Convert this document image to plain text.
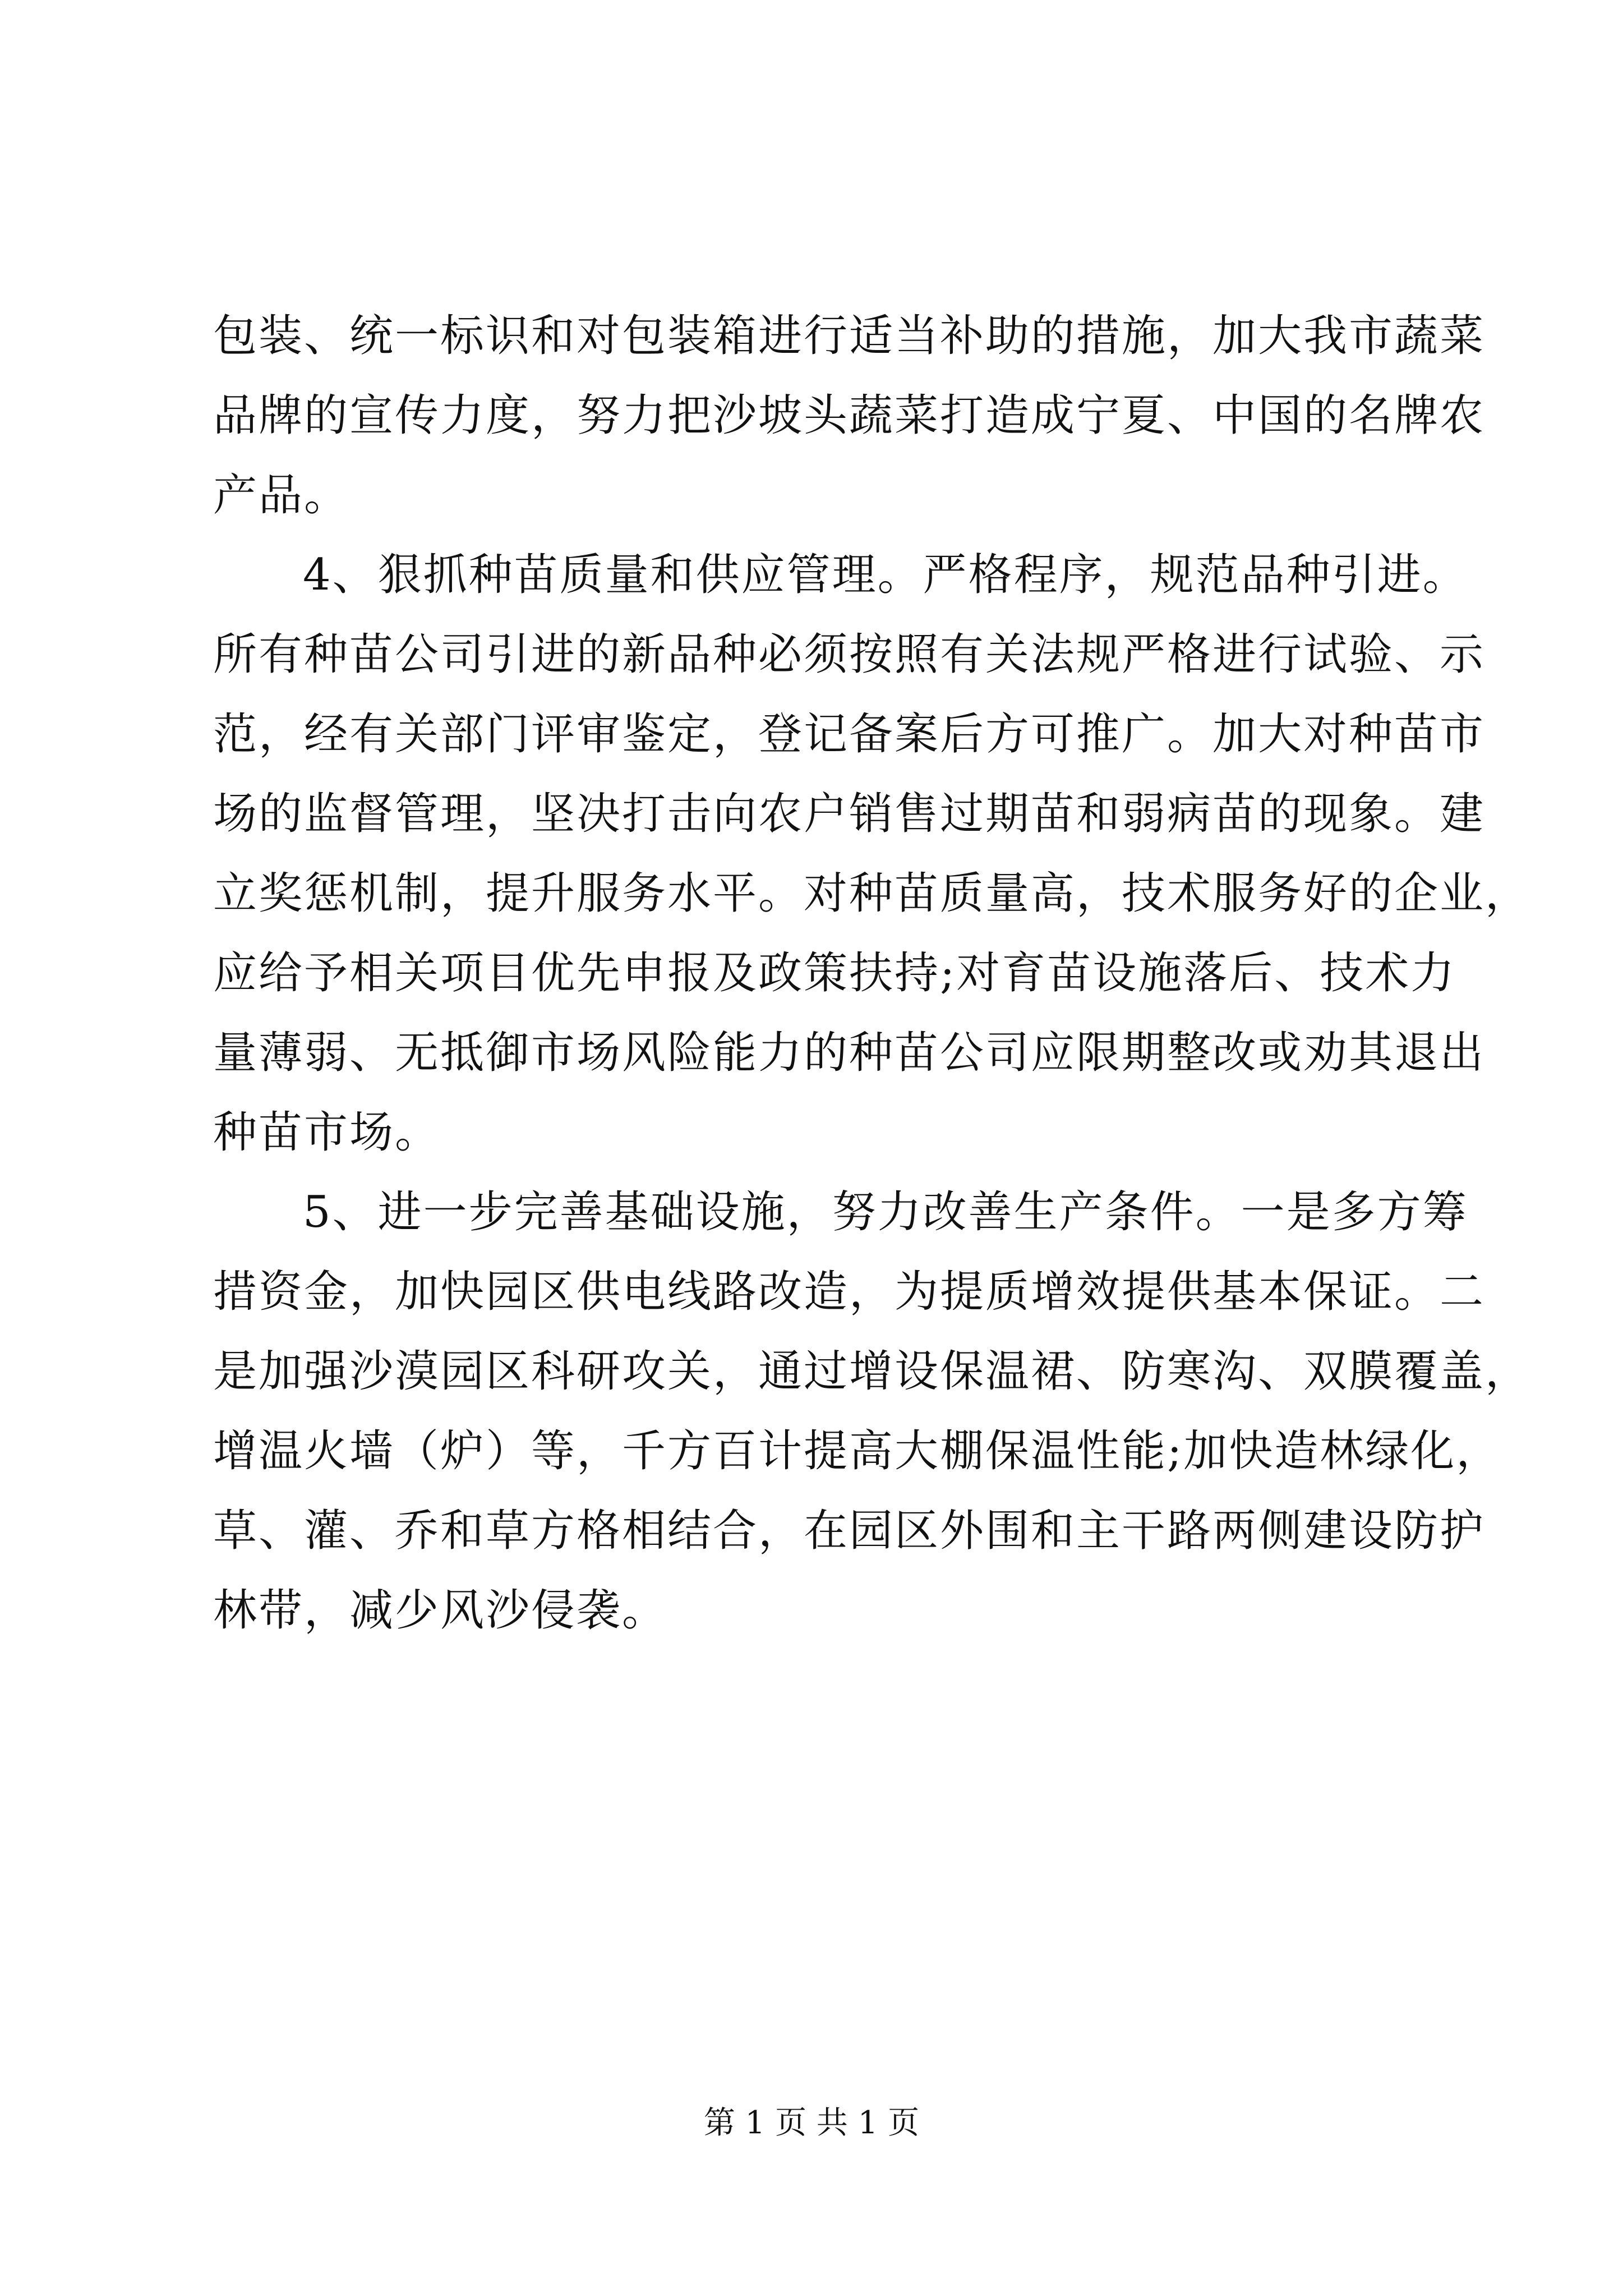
包装、统一标识和对包装箱进行适当补助的措施，加大我市蔬菜
品牌的宣传力度，努力把沙坡头蔬菜打造成宁夏、中国的名牌农
产品。
4、狠抓种苗质量和供应管理。严格程序，规范品种引进。
所有种苗公司引进的新品种必须按照有关法规严格进行试验、示
范，经有关部门评审鉴定，登记备案后方可推广。加大对种苗市
场的监督管理，坚决打击向农户销售过期苗和弱病苗的现象。建
立奖惩机制，提升服务水平。对种苗质量高，技术服务好的企业，
应给予相关项目优先申报及政策扶持;对育苗设施落后、技术力
量薄弱、无抵御市场风险能力的种苗公司应限期整改或劝其退出
种苗市场。
5、进一步完善基础设施，努力改善生产条件。一是多方筹
措资金，加快园区供电线路改造，为提质增效提供基本保证。二
是加强沙漠园区科研攻关，通过增设保温裙、防寒沟、双膜覆盖，
增温火墙（炉）等，千方百计提高大棚保温性能;加快造林绿化，
草、灌、乔和草方格相结合，在园区外围和主干路两侧建设防护
林带，减少风沙侵袭。
第 1 页 共 1 页
